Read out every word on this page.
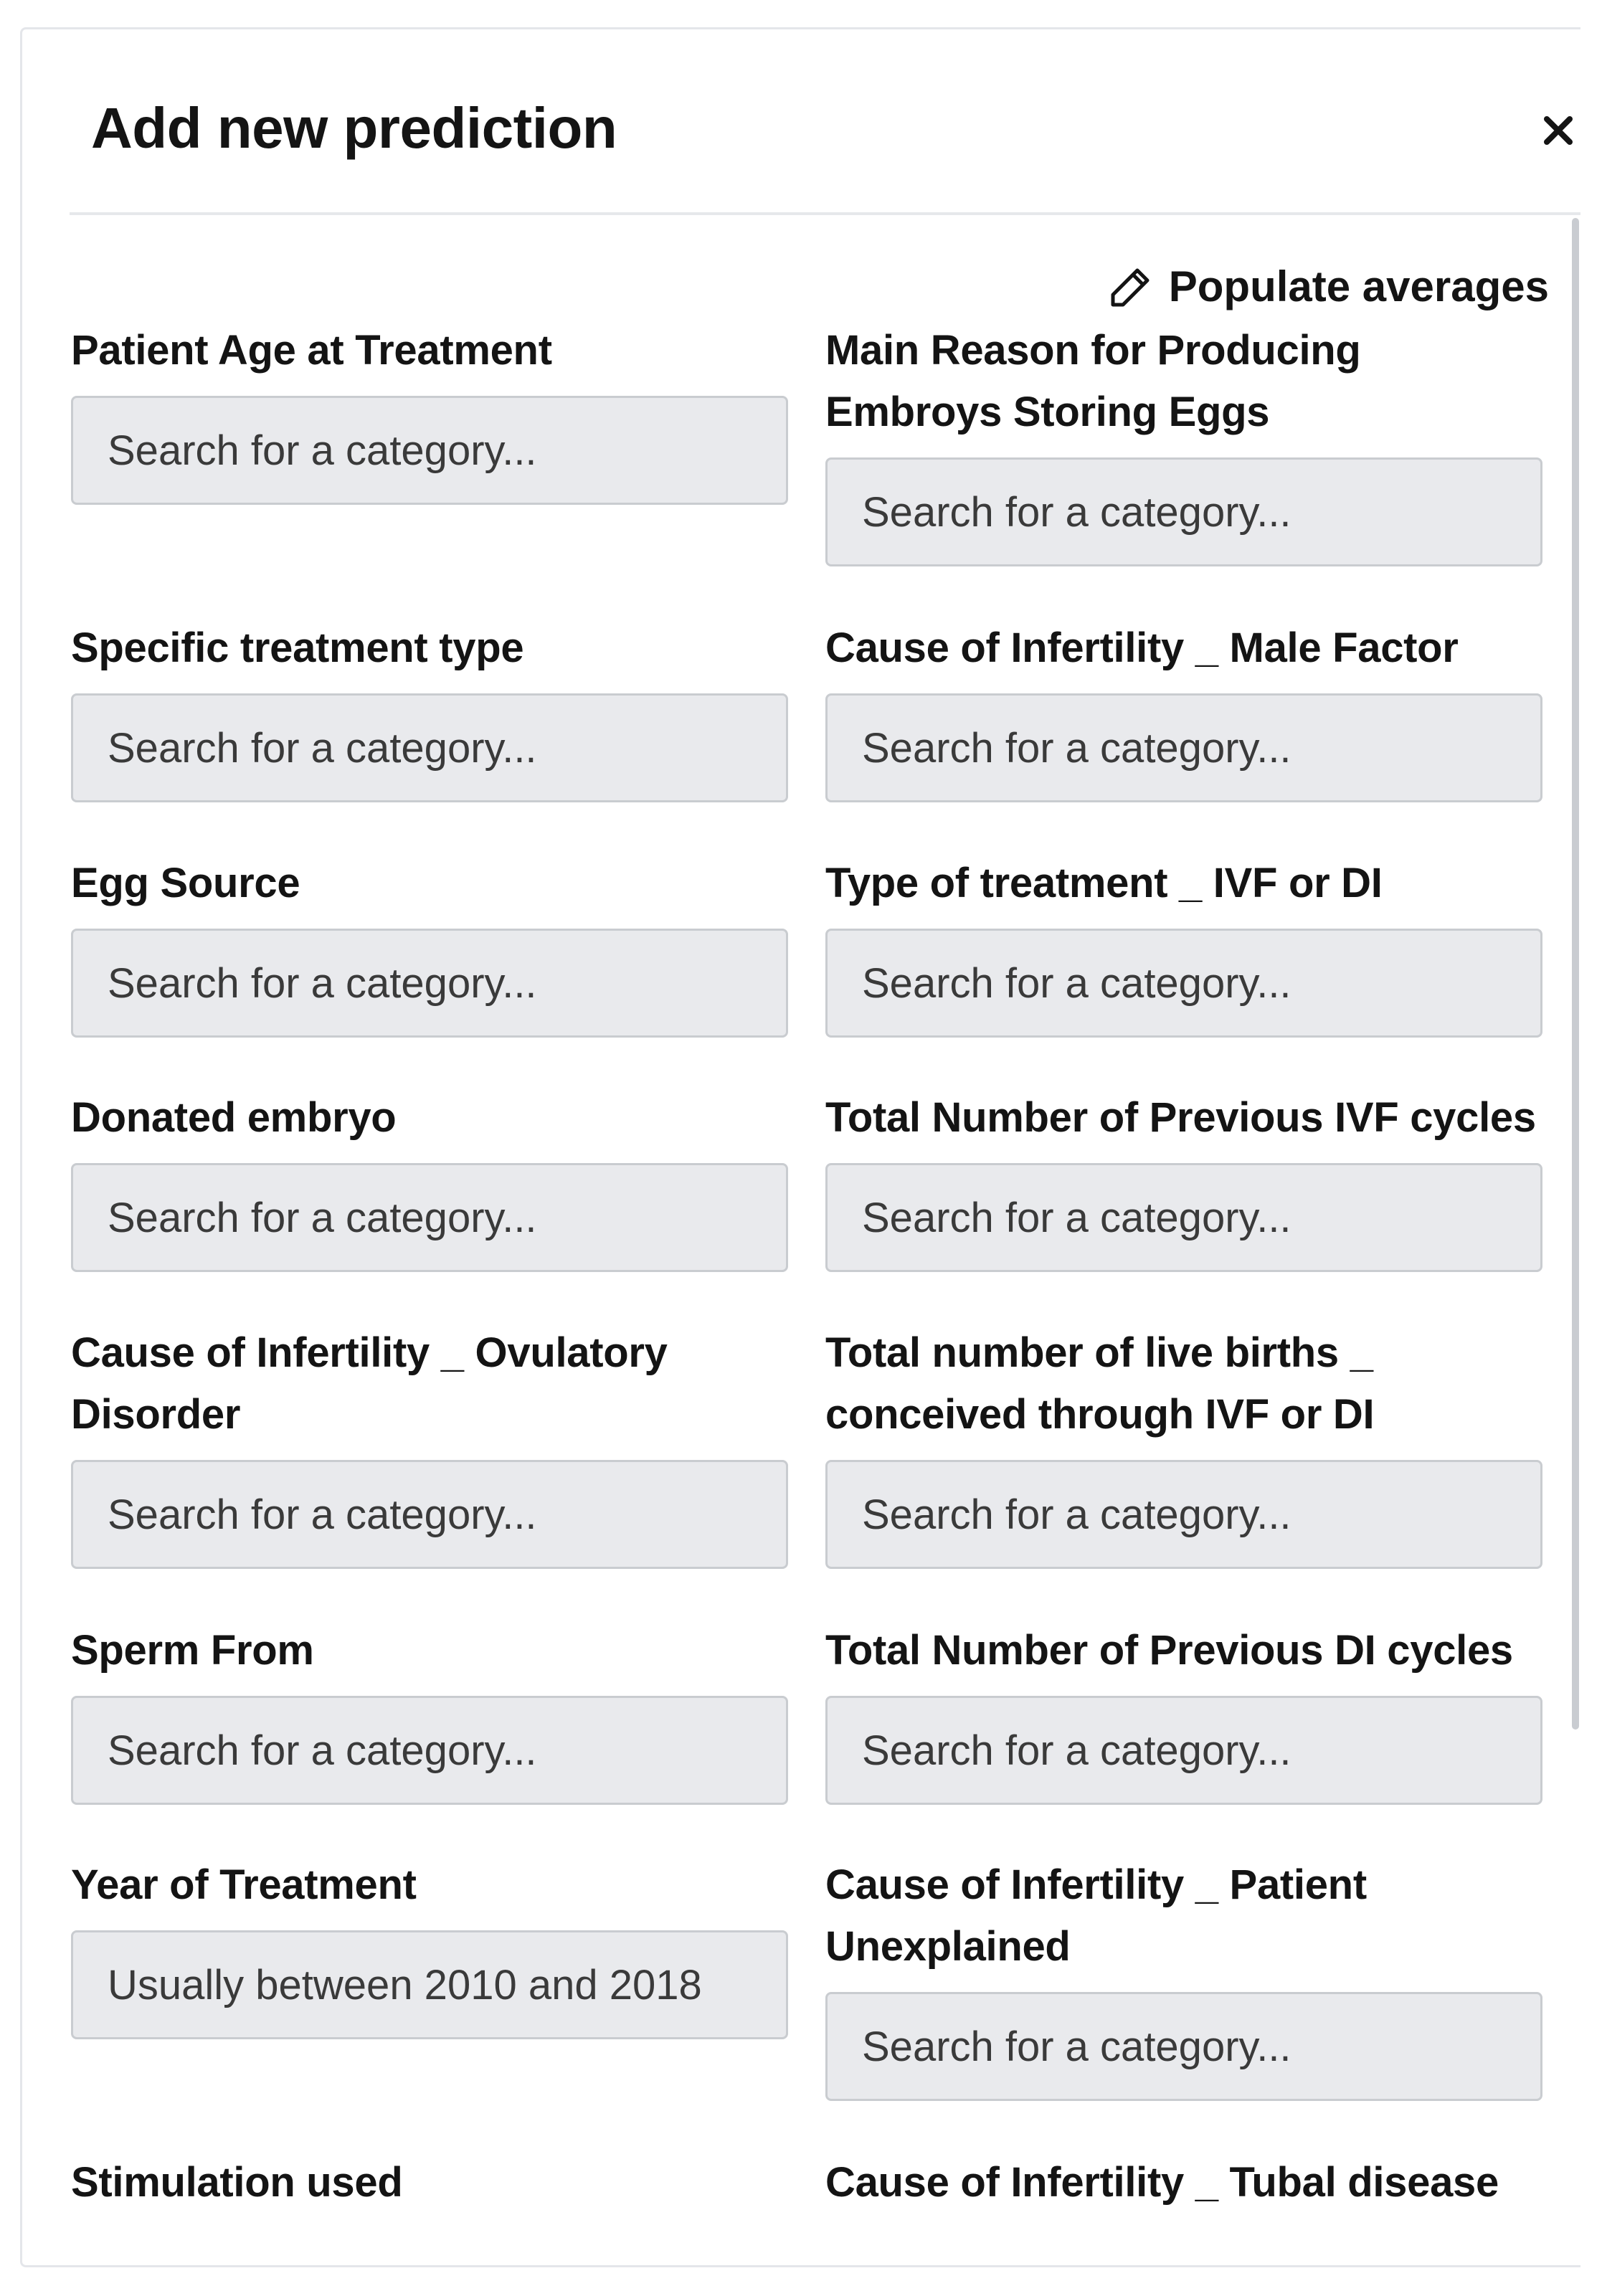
Add new prediction
Populate averages
Patient Age at Treatment
Search for a category...
Specific treatment type
Search for a category...
Egg Source
Search for a category...
Donated embryo
Search for a category...
Cause of Infertility _ Ovulatory Disorder
Search for a category...
Sperm From
Search for a category...
Year of Treatment
Usually between 2010 and 2018
Stimulation used
Main Reason for Producing Embroys Storing Eggs
Search for a category...
Cause of Infertility _ Male Factor
Search for a category...
Type of treatment _ IVF or DI
Search for a category...
Total Number of Previous IVF cycles
Search for a category...
Total number of live births _ conceived through IVF or DI
Search for a category...
Total Number of Previous DI cycles
Search for a category...
Cause of Infertility _ Patient Unexplained
Search for a category...
Cause of Infertility _ Tubal disease
